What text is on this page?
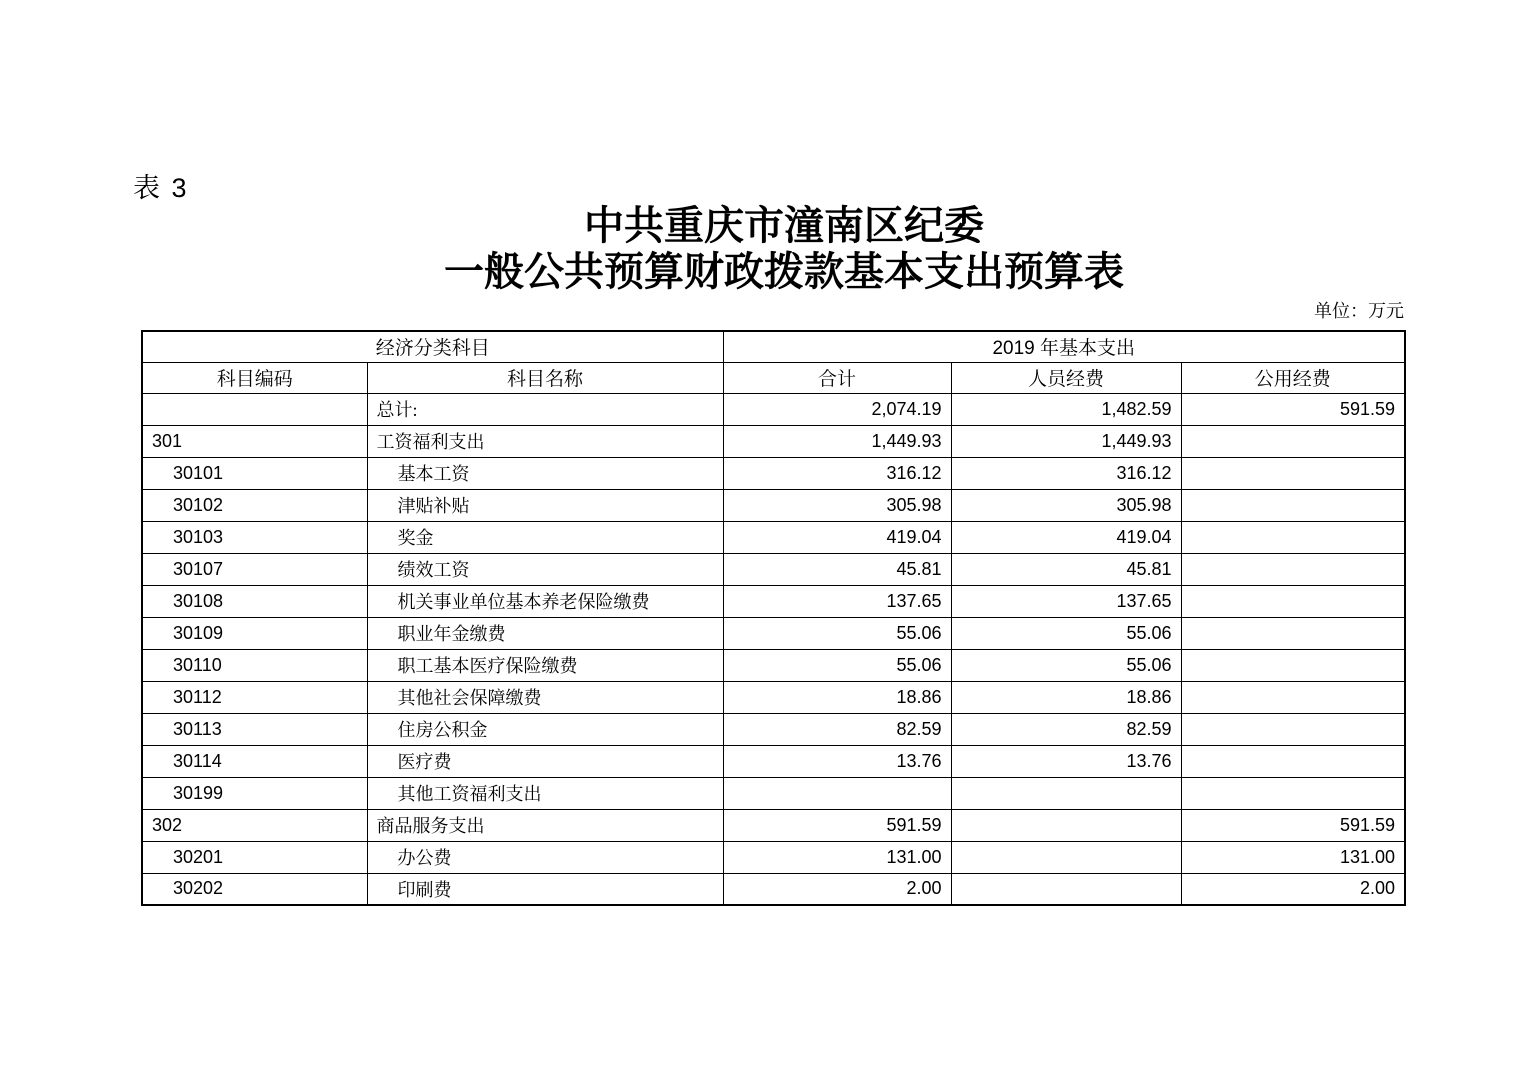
表 3
中共重庆市潼南区纪委
一般公共预算财政拨款基本支出预算表
单位：万元
经济分类科目		2019 年基本支出		
科目编码	科目名称	合计	人员经费	公用经费
	总计:	2,074.19	1,482.59	591.59
301	工资福利支出	1,449.93	1,449.93	
30101	基本工资	316.12	316.12	
30102	津贴补贴	305.98	305.98	
30103	奖金	419.04	419.04	
30107	绩效工资	45.81	45.81	
30108	机关事业单位基本养老保险缴费	137.65	137.65	
30109	职业年金缴费	55.06	55.06	
30110	职工基本医疗保险缴费	55.06	55.06	
30112	其他社会保障缴费	18.86	18.86	
30113	住房公积金	82.59	82.59	
30114	医疗费	13.76	13.76	
30199	其他工资福利支出			
302	商品服务支出	591.59		591.59
30201	办公费	131.00		131.00
30202	印刷费	2.00		2.00
